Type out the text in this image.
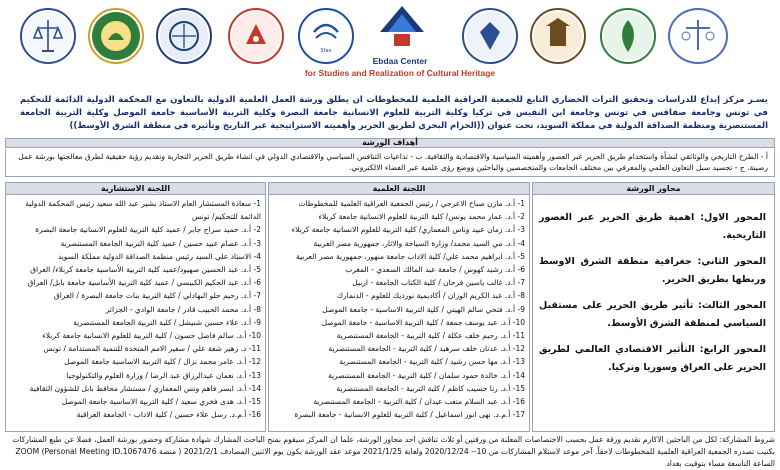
Sfax
Ebdaa Center
for Studies and Realization of Cultural Heritage
يسـر مركز إبداع للدراسات وتحقيق التراث الحضاري التابع للجمعية العراقية العلمية للمخطوطات ان يطلق ورشة العمل العلمية الدولية بالتعاون مع المحكمة الدولية الدائمة للتحكيم في تونس وجامعة صفاقس في تونس وجامعة ابن النفيس في تركيا وكلية التربية للعلوم الانسانية جامعة البصرة وكلية التربية الأساسية جامعة الموصل وكلية التربية الجامعة المستنصرية ومنظمة الصداقة الدولية في مملكة السويد، تحت عنوان ((الحزام البحري لطريق الحرير وأهميته الاستراتيجية عبر التاريخ وتأثيره في منطقة الشرق الأوسط))
أهداف الورشة
أ - الطرح التاريخي والوثائقي لنشأة واستخدام طريق الحرير عبر العصور وأهميته السياسية والاقتصادية والثقافية. ب - تداعيات التنافس السياسي والاقتصادي الدولي في انشاء طريق الحرير التجارية وتقديم رؤية حقيقية لطرق معالجتها بورشة عمل رصينة. ج - تجسيد سبل التعاون العلمي والمعرفي بين مختلف الجامعات والمتخصصين والباحثين ووضع رؤى علمية عبر الفضاء الالكتروني.
محاور الورشة
المحور الاول: اهمية طريق الحرير عبر العصور التاريخية.
المحور الثاني: جغرافية منطقة الشرق الاوسط وربطها بطريق الحرير.
المحور الثالث: تأثير طريق الحرير على مستقبل السياسي لمنطقة الشرق الأوسط.
المحور الرابع: التأثير الاقتصادي العالمي لطريق الحرير على العراق وسوريا وتركيا.
اللجنة العلمية
1- أ.د. مازن صباح الاعرجي / رئيس الجمعية العراقية العلمية للمخطوطات
2- أ.د. عمار محمد يونس/ كلية التربية للعلوم الانسانية جامعة كربلاء
3- أ.د. زمان عبيد وناس المعماري/ كلية التربية للعلوم الانسانية جامعة كربلاء
4- أ.د. مي السيد محمد/ وزارة السياحة والاثار، جمهورية مصر العربية
5- أ.د. ابراهيم محمد علي/ كلية الاداب جامعة منهور، جمهورية مصر العربية
6- أ.د. رشيد كهوس / جامعة عبد المالك السعدي - المغرب
7- أ.د. غالب ياسين فرحان / كلية الكتاب الجامعة - اربيل
8- أ.د. عبد الكريم الوزان / أكاديمية نورديك للعلوم - الدنمارك
9- أ.د. فتحي سالم الهيتي / كلية التربية الاساسية - جامعة الموصل
10- أ.د. عبد يوسف جمعة / كلية التربية الاساسية - جامعة الموصل
11- أ.د. رحيم خلف عكلة / كلية التربية - الجامعة المستنصرية
12- أ.د. عدنان خلف سرهيد / كلية التربية - الجامعة المستنصرية
13- أ.د. مها حسن رشيد / كلية التربية - الجامعة المستنصرية
14- أ.د. خالدة حمود سلمان / كلية التربية - الجامعة المستنصرية
15- أ.د. رنا حسيب كاظم / كلية التربية - الجامعة المستنصرية
16- أ.د. عبد السلام متعب عيدان / كلية التربية - الجامعة المستنصرية
17- أ.م.د. نهى انور اسماعيل / كلية التربية للعلوم الانسانية - جامعة البصرة
اللجنة الاستشارية
1- سعادة المستشار العام الاستاذ بشير عبد الله سعيد رئيس المحكمة الدولية الدائمة للتحكيم/ تونس
2- أ.د. حميد سراج جابر / عميد كلية التربية للعلوم الانسانية جامعة البصرة
3- أ.د. عصام عبيد حسين / عميد كلية التربية الجامعة المستنصرية
4- الاستاذ علي السيد رئيس منظمة الصداقة الدولية مملكة السويد
5- أ.د. عبد الحسين صهيود/عميد كلية التربية الأساسية جامعة كربلاء/ العراق
6- أ.د. عبد الحكيم الكبيسي / عميد كلية التربية الأساسية جامعة بابل/ العراق
7- أ.د. رحيم حلو البهادلي / كلية التربية بنات جامعة البصرة / العراق
8- أ.د. محمد الحبيب قادر / جامعة الوادي - الجزائر
9- أ.د. علاء حسين شنيشل / كلية التربية الجامعة المستنصرية
10- أ.د. سالم فاضل حسون / كلية التربية للعلوم الانسانية جامعة كربلاء
11- د. زهير شعة علي / سفير الامم المتحدة للتنمية المستدامة / تونس
12- أ.د. عامر محمد نزال / كلية التربية الاساسية جامعة الموصل
13- أ.د. نعمان عبدالرزاق عبد الرضا / وزارة العلوم والتكنولوجيا
14- أ.د. ابسر فاهم ونس المعماري / مستشار محافظ بابل للشؤون الثقافية
15- أ.د. هدى فخري سعيد / كلية التربية الاساسية جامعة الموصل
16- أ.م.د. رسل علاء حسين / كلية الاداب - الجامعة العراقية
شروط المشاركة: لكل من الباحثين الاكارم تقديم ورقة عمل بحسب الاختصاصات المعلنة من ورقتين أو ثلاث تناقش احد محاور الورشة، علما ان المركز سيقوم بمنح الباحث المشارك شهادة مشاركة وحضور بورشة العمل، فضلا عن طبع المشاركات بكتيب تصدره الجمعية العراقية العلمية للمخطوطات لاحقاً. آخر موعد لاستلام المشاركات من 10-- 2020/12/24 ولغاية 2021/1/25 موعد عقد الورشة يكون يوم الاثنين المصادف 2021/2/1 ( منصة ZOOM (Personal Meeting ID.1067476 الساعة التاسعة مساء بتوقيت بغداد
